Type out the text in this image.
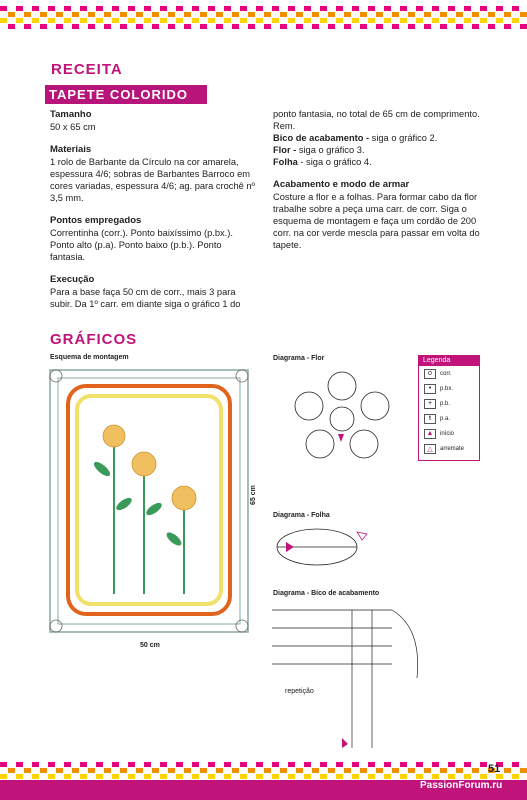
RECEITA
TAPETE COLORIDO

Tamanho
50 x 65 cm

Materiais
1 rolo de Barbante da Círculo na cor amarela, espessura 4/6; sobras de Barbantes Barroco em cores variadas, espessura 4/6; ag. para crochê nº 3,5 mm.

Pontos empregados
Correntinha (corr.). Ponto baixíssimo (p.bx.). Ponto alto (p.a). Ponto baixo (p.b.). Ponto fantasia.

Execução
Para a base faça 50 cm de corr., mais 3 para subir. Da 1º carr. em diante siga o gráfico 1 do

ponto fantasia, no total de 65 cm de comprimento. Rem.

Bico de acabamento - siga o gráfico 2.
Flor - siga o gráfico 3.
Folha - siga o gráfico 4.

Acabamento e modo de armar
Costure a flor e a folhas. Para formar cabo da flor trabalhe sobre a peça uma carr. de corr. Siga o esquema de montagem e faça um cordão de 200 corr. na cor verde mescla para passar em volta do tapete.

GRÁFICOS
Esquema de montagem
50 cm
65 cm
Diagrama - Flor	Legenda
o	corr.
•	p.bx.
+	p.b.
ŧ	p.a.
▲	início
△	arremate
Diagrama - Folha
Diagrama - Bico de acabamento
repetição
51
PassionForum.ru
